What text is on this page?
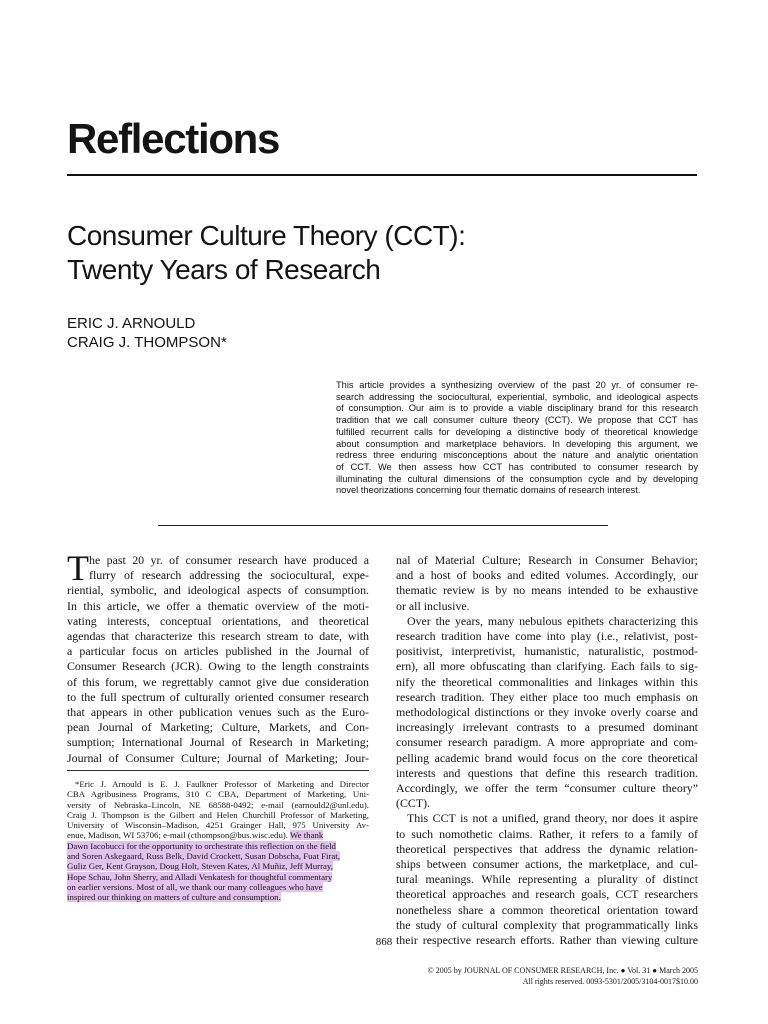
Reflections
Consumer Culture Theory (CCT):
Twenty Years of Research
ERIC J. ARNOULD
CRAIG J. THOMPSON*
This article provides a synthesizing overview of the past 20 yr. of consumer re-
search addressing the sociocultural, experiential, symbolic, and ideological aspects
of consumption. Our aim is to provide a viable disciplinary brand for this research
tradition that we call consumer culture theory (CCT). We propose that CCT has
fulfilled recurrent calls for developing a distinctive body of theoretical knowledge
about consumption and marketplace behaviors. In developing this argument, we
redress three enduring misconceptions about the nature and analytic orientation
of CCT. We then assess how CCT has contributed to consumer research by
illuminating the cultural dimensions of the consumption cycle and by developing
novel theorizations concerning four thematic domains of research interest.
T he past 20 yr. of consumer research have produced a
flurry of research addressing the sociocultural, expe-
riential, symbolic, and ideological aspects of consumption.
In this article, we offer a thematic overview of the moti-
vating interests, conceptual orientations, and theoretical
agendas that characterize this research stream to date, with
a particular focus on articles published in the Journal of
Consumer Research (JCR). Owing to the length constraints
of this forum, we regrettably cannot give due consideration
to the full spectrum of culturally oriented consumer research
that appears in other publication venues such as the Euro-
pean Journal of Marketing; Culture, Markets, and Con-
sumption; International Journal of Research in Marketing;
Journal of Consumer Culture; Journal of Marketing; Jour-
*Eric J. Arnould is E. J. Faulkner Professor of Marketing and Director
CBA Agribusiness Programs, 310 C CBA, Department of Marketing, Uni-
versity of Nebraska–Lincoln, NE 68588-0492; e-mail (earnould2@unl.edu).
Craig J. Thompson is the Gilbert and Helen Churchill Professor of Marketing,
University of Wisconsin–Madison, 4251 Grainger Hall, 975 University Av-
enue, Madison, WI 53706; e-mail (cthompson@bus.wisc.edu). We thank
Dawn Iacobucci for the opportunity to orchestrate this reflection on the field
and Soren Askegaard, Russ Belk, David Crockett, Susan Dobscha, Fuat Firat,
Guliz Ger, Kent Grayson, Doug Holt, Steven Kates, Al Muñiz, Jeff Murray,
Hope Schau, John Sherry, and Alladi Venkatesh for thoughtful commentary
on earlier versions. Most of all, we thank our many colleagues who have
inspired our thinking on matters of culture and consumption.
nal of Material Culture; Research in Consumer Behavior;
and a host of books and edited volumes. Accordingly, our
thematic review is by no means intended to be exhaustive
or all inclusive.
Over the years, many nebulous epithets characterizing this
research tradition have come into play (i.e., relativist, post-
positivist, interpretivist, humanistic, naturalistic, postmod-
ern), all more obfuscating than clarifying. Each fails to sig-
nify the theoretical commonalities and linkages within this
research tradition. They either place too much emphasis on
methodological distinctions or they invoke overly coarse and
increasingly irrelevant contrasts to a presumed dominant
consumer research paradigm. A more appropriate and com-
pelling academic brand would focus on the core theoretical
interests and questions that define this research tradition.
Accordingly, we offer the term “consumer culture theory”
(CCT).
This CCT is not a unified, grand theory, nor does it aspire
to such nomothetic claims. Rather, it refers to a family of
theoretical perspectives that address the dynamic relation-
ships between consumer actions, the marketplace, and cul-
tural meanings. While representing a plurality of distinct
theoretical approaches and research goals, CCT researchers
nonetheless share a common theoretical orientation toward
the study of cultural complexity that programmatically links
their respective research efforts. Rather than viewing culture
868
© 2005 by JOURNAL OF CONSUMER RESEARCH, Inc. ● Vol. 31 ● March 2005
All rights reserved. 0093-5301/2005/3104-0017$10.00
